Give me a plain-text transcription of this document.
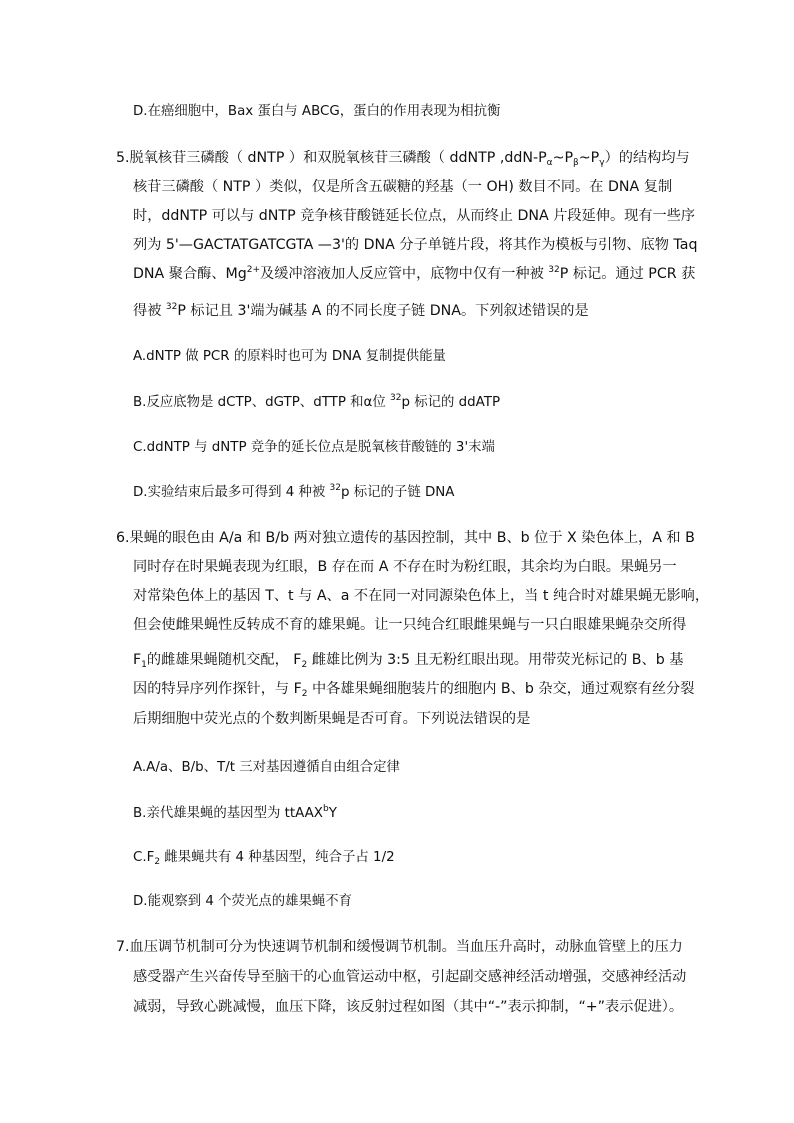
D.在癌细胞中，Bax 蛋白与 ABCG，蛋白的作用表现为相抗衡
5.脱氧核苷三磷酸（ dNTP ）和双脱氧核苷三磷酸（ ddNTP $,ddN-P_\alpha\sim P_\beta\sim P_\gamma$）的结构均与
核苷三磷酸（ NTP ）类似，仅是所含五碳糖的羟基（一 OH) 数目不同。在 DNA 复制
时，ddNTP 可以与 dNTP 竞争核苷酸链延长位点，从而终止 DNA 片段延伸。现有一些序
列为 5'—GACTATGATCGTA —3'的 DNA 分子单链片段，将其作为模板与引物、底物 Taq
DNA 聚合酶、$Mg^{2+}$及缓冲溶液加人反应管中，底物中仅有一种被 $^{32}$P 标记。通过 PCR 获
得被 $^{32}$P 标记且 3'端为碱基 A 的不同长度子链 DNA。下列叙述错误的是
A.dNTP 做 PCR 的原料时也可为 DNA 复制提供能量
B.反应底物是 dCTP、dGTP、dTTP 和α位 $^{32}$p 标记的 ddATP
C.ddNTP 与 dNTP 竞争的延长位点是脱氧核苷酸链的 3'末端
D.实验结束后最多可得到 4 种被 $^{32}$p 标记的子链 DNA
6.果蝇的眼色由 A/a 和 B/b 两对独立遗传的基因控制，其中 B、b 位于 X 染色体上，A 和 B
同时存在时果蝇表现为红眼，B 存在而 A 不存在时为粉红眼，其余均为白眼。果蝇另一
对常染色体上的基因 T、t 与 A、a 不在同一对同源染色体上，当 t 纯合时对雄果蝇无影响，
但会使雌果蝇性反转成不育的雄果蝇。让一只纯合红眼雌果蝇与一只白眼雄果蝇杂交所得
$F_1$的雌雄果蝇随机交配， $F_2$ 雌雄比例为 3:5 且无粉红眼出现。用带荧光标记的 B、b 基
因的特异序列作探针，与 $F_2$ 中各雄果蝇细胞装片的细胞内 B、b 杂交，通过观察有丝分裂
后期细胞中荧光点的个数判断果蝇是否可育。下列说法错误的是
A.A/a、B/b、T/t 三对基因遵循自由组合定律
B.亲代雄果蝇的基因型为 ttAAX$^b$Y
$C.F_2$ 雌果蝇共有 4 种基因型，纯合子占 1/2
D.能观察到 4 个荧光点的雄果蝇不育
7.血压调节机制可分为快速调节机制和缓慢调节机制。当血压升高时，动脉血管壁上的压力
感受器产生兴奋传导至脑干的心血管运动中枢，引起副交感神经活动增强，交感神经活动
减弱，导致心跳减慢，血压下降，该反射过程如图（其中“-”表示抑制，“+”表示促进）。
